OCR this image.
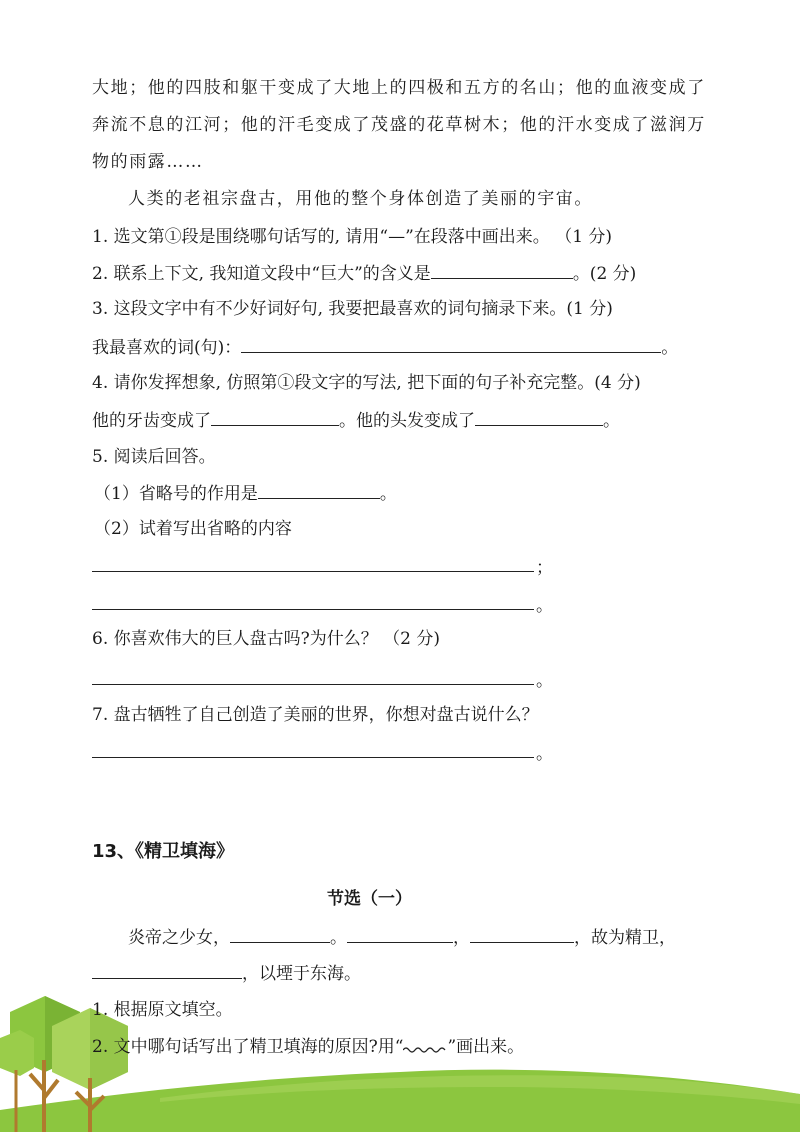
大地；他的四肢和躯干变成了大地上的四极和五方的名山；他的血液变成了
奔流不息的江河；他的汗毛变成了茂盛的花草树木；他的汗水变成了滋润万
物的雨露……
人类的老祖宗盘古，用他的整个身体创造了美丽的宇宙。
1. 选文第①段是围绕哪句话写的, 请用“—”在段落中画出来。 （1 分)
2. 联系上下文, 我知道文段中“巨大”的含义是	。(2 分)
3. 这段文字中有不少好词好句, 我要把最喜欢的词句摘录下来。(1 分)
我最喜欢的词(句)：	。
4. 请你发挥想象, 仿照第①段文字的写法, 把下面的句子补充完整。(4 分)
他的牙齿变成了	。他的头发变成了	。
5. 阅读后回答。
（1）省略号的作用是	。
（2）试着写出省略的内容
；
。
6. 你喜欢伟大的巨人盘古吗?为什么？ （2 分)
。
7. 盘古牺牲了自己创造了美丽的世界，你想对盘古说什么？
。
13、《精卫填海》
节选（一）
炎帝之少女，	。	，	，故为精卫，
，以堙于东海。
1. 根据原文填空。
2. 文中哪句话写出了精卫填海的原因?用“	”画出来。
